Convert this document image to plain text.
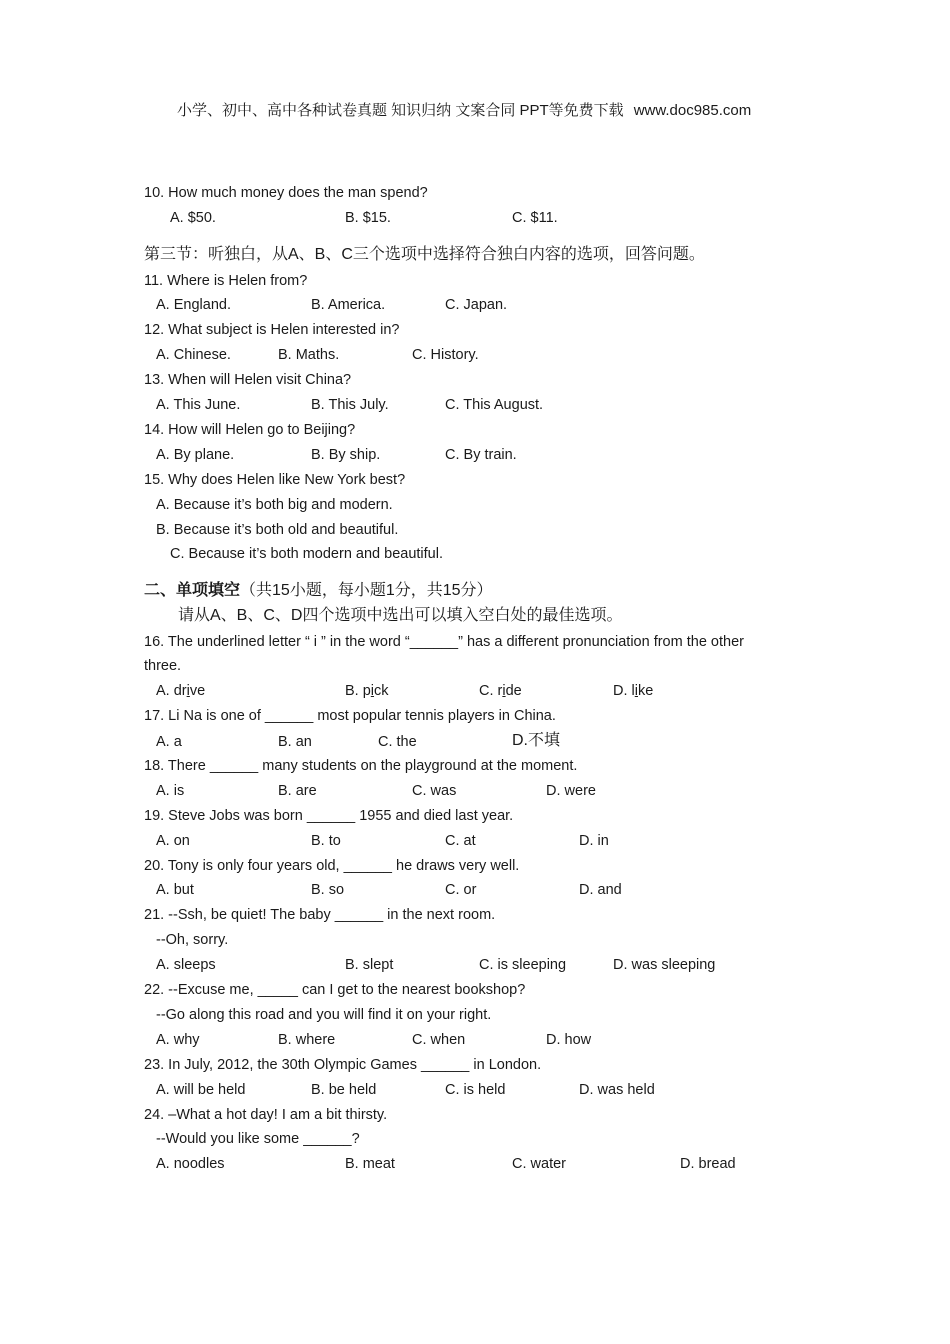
小学、初中、高中各种试卷真题 知识归纳 文案合同 PPT等免费下载 www.doc985.com
10. How much money does the man spend?
A. $50.	B. $15.	C. $11.
第三节：听独白，从A、B、C三个选项中选择符合独白内容的选项，回答问题。
11. Where is Helen from?
A. England.	B. America.	C. Japan.
12. What subject is Helen interested in?
A. Chinese.	B. Maths.	C. History.
13. When will Helen visit China?
A. This June.	B. This July.	C. This August.
14. How will Helen go to Beijing?
A. By plane.	B. By ship.	C. By train.
15. Why does Helen like New York best?
A. Because it’s both big and modern.
B. Because it’s both old and beautiful.
C. Because it’s both modern and beautiful.
二、单项填空（共15小题，每小题1分，共15分）
请从A、B、C、D四个选项中选出可以填入空白处的最佳选项。
16. The underlined letter “ i ” in the word “______” has a different pronunciation from the other
three.
A. drive	B. pick	C. ride	D. like
17. Li Na is one of ______ most popular tennis players in China.
A. a	B. an	C. the	D.不填
18. There ______ many students on the playground at the moment.
A. is	B. are	C. was	D. were
19. Steve Jobs was born ______ 1955 and died last year.
A. on	B. to	C. at	D. in
20. Tony is only four years old, ______ he draws very well.
A. but	B. so	C. or	D. and
21. --Ssh, be quiet! The baby ______ in the next room.
--Oh, sorry.
A. sleeps	B. slept	C. is sleeping	D. was sleeping
22. --Excuse me, _____ can I get to the nearest bookshop?
--Go along this road and you will find it on your right.
A. why	B. where	C. when	D. how
23. In July, 2012, the 30th Olympic Games ______ in London.
A. will be held	B. be held	C. is held	D. was held
24. –What a hot day! I am a bit thirsty.
--Would you like some ______?
A. noodles	B. meat	C. water	D. bread
